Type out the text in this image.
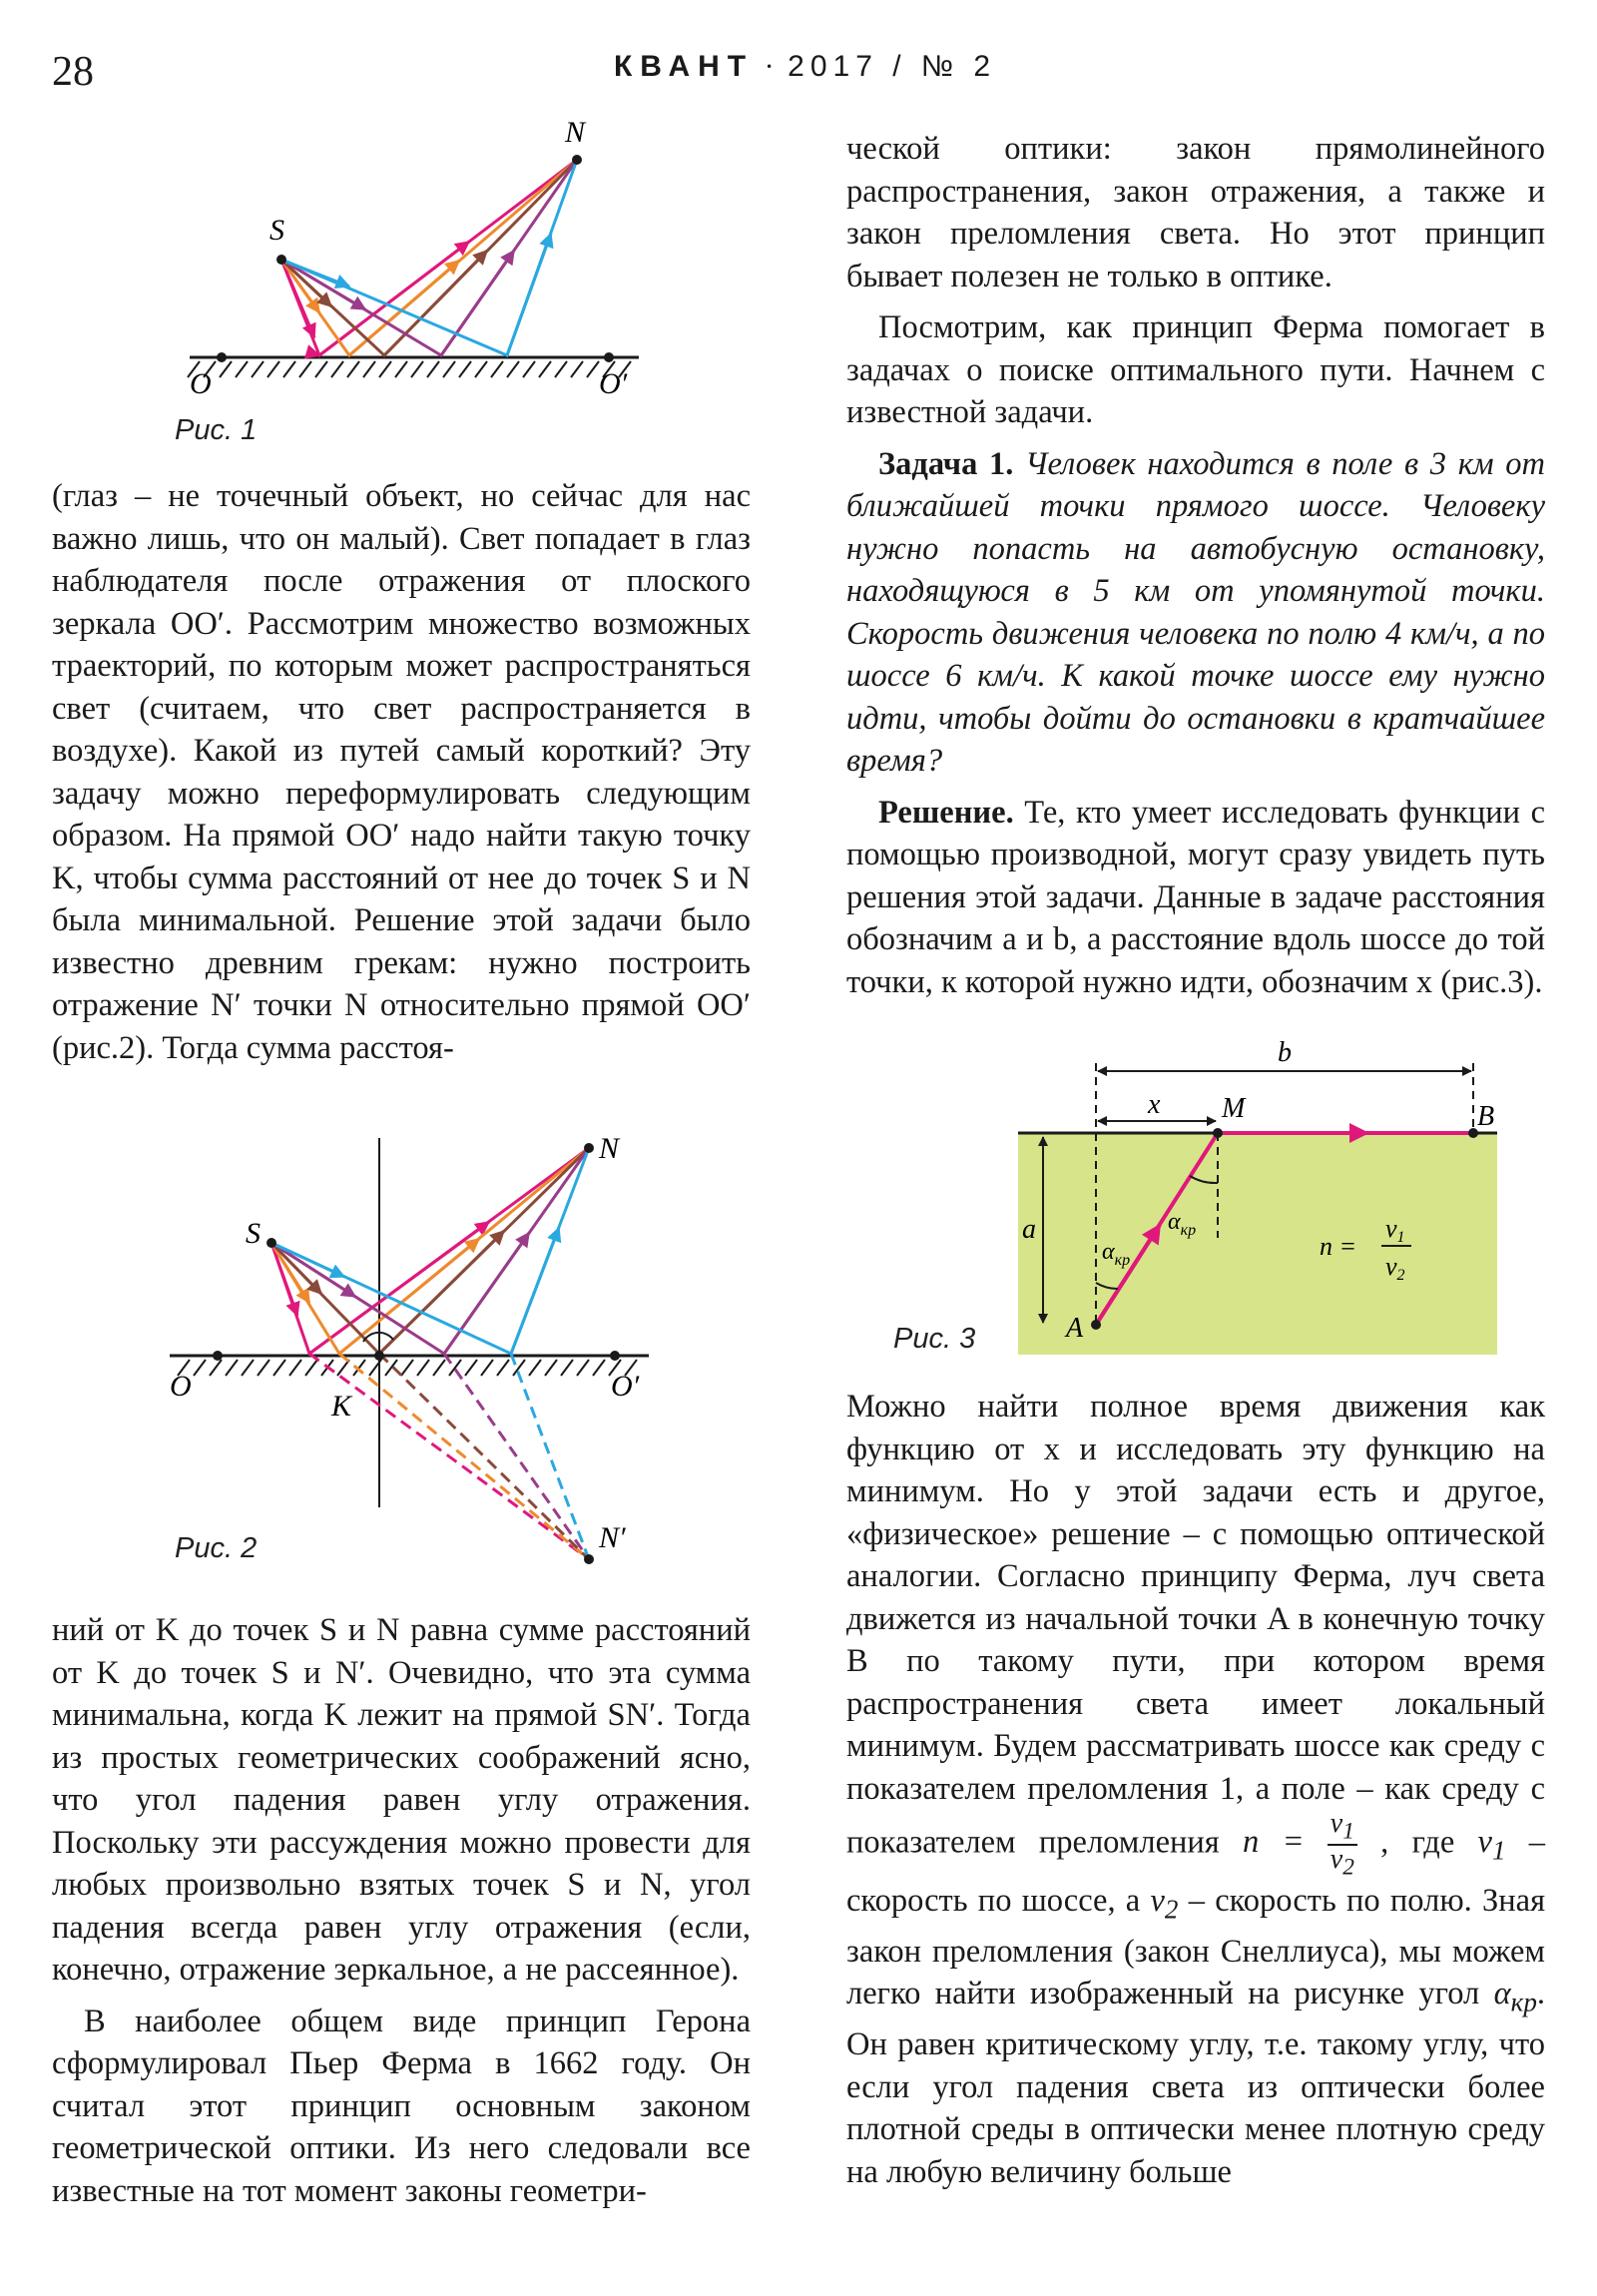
28	КВАНТ · 2017 / № 2
S
N
O	O′
Рис. 1

(глаз – не точечный объект, но сейчас для нас важно лишь, что он малый). Свет попадает в глаз наблюдателя после отражения от плоского зеркала OO′. Рассмотрим множество возможных траекторий, по которым может распространяться свет (считаем, что свет распространяется в воздухе). Какой из путей самый короткий? Эту задачу можно переформулировать следующим образом. На прямой OO′ надо найти такую точку K, чтобы сумма расстояний от нее до точек S и N была минимальной. Решение этой задачи было известно древним грекам: нужно построить отражение N′ точки N относительно прямой OO′ (рис.2). Тогда сумма расстоя-

S
N
O	O′
K
N′
Рис. 2

ний от K до точек S и N равна сумме расстояний от K до точек S и N′. Очевидно, что эта сумма минимальна, когда K лежит на прямой SN′. Тогда из простых геометрических соображений ясно, что угол падения равен углу отражения. Поскольку эти рассуждения можно провести для любых произвольно взятых точек S и N, угол падения всегда равен углу отражения (если, конечно, отражение зеркальное, а не рассеянное).

В наиболее общем виде принцип Герона сформулировал Пьер Ферма в 1662 году. Он считал этот принцип основным законом геометрической оптики. Из него следовали все известные на тот момент законы геометри-

ческой оптики: закон прямолинейного распространения, закон отражения, а также и закон преломления света. Но этот принцип бывает полезен не только в оптике.

Посмотрим, как принцип Ферма помогает в задачах о поиске оптимального пути. Начнем с известной задачи.

Задача 1. Человек находится в поле в 3 км от ближайшей точки прямого шоссе. Человеку нужно попасть на автобусную остановку, находящуюся в 5 км от упомянутой точки. Скорость движения человека по полю 4 км/ч, а по шоссе 6 км/ч. К какой точке шоссе ему нужно идти, чтобы дойти до остановки в кратчайшее время?

Решение. Те, кто умеет исследовать функции с помощью производной, могут сразу увидеть путь решения этой задачи. Данные в задаче расстояния обозначим a и b, а расстояние вдоль шоссе до той точки, к которой нужно идти, обозначим x (рис.3).

b
x M	B
a
A
$\alpha_{кр}$
$\alpha_{кр}$
n =
v1
v2
Рис. 3

Можно найти полное время движения как функцию от x и исследовать эту функцию на минимум. Но у этой задачи есть и другое, «физическое» решение – с помощью оптической аналогии. Согласно принципу Ферма, луч света движется из начальной точки A в конечную точку B по такому пути, при котором время распространения света имеет локальный минимум. Будем рассматривать шоссе как среду с показателем преломления 1, а поле – как среду с показателем преломления $n = \frac{v_1}{v_2}$ , где $v_1$ – скорость по шоссе, а $v_2$ – скорость по полю. Зная закон преломления (закон Снеллиуса), мы можем легко найти изображенный на рисунке угол $\alpha_{кр}$. Он равен критическому углу, т.е. такому углу, что если угол падения света из оптически более плотной среды в оптически менее плотную среду на любую величину больше
